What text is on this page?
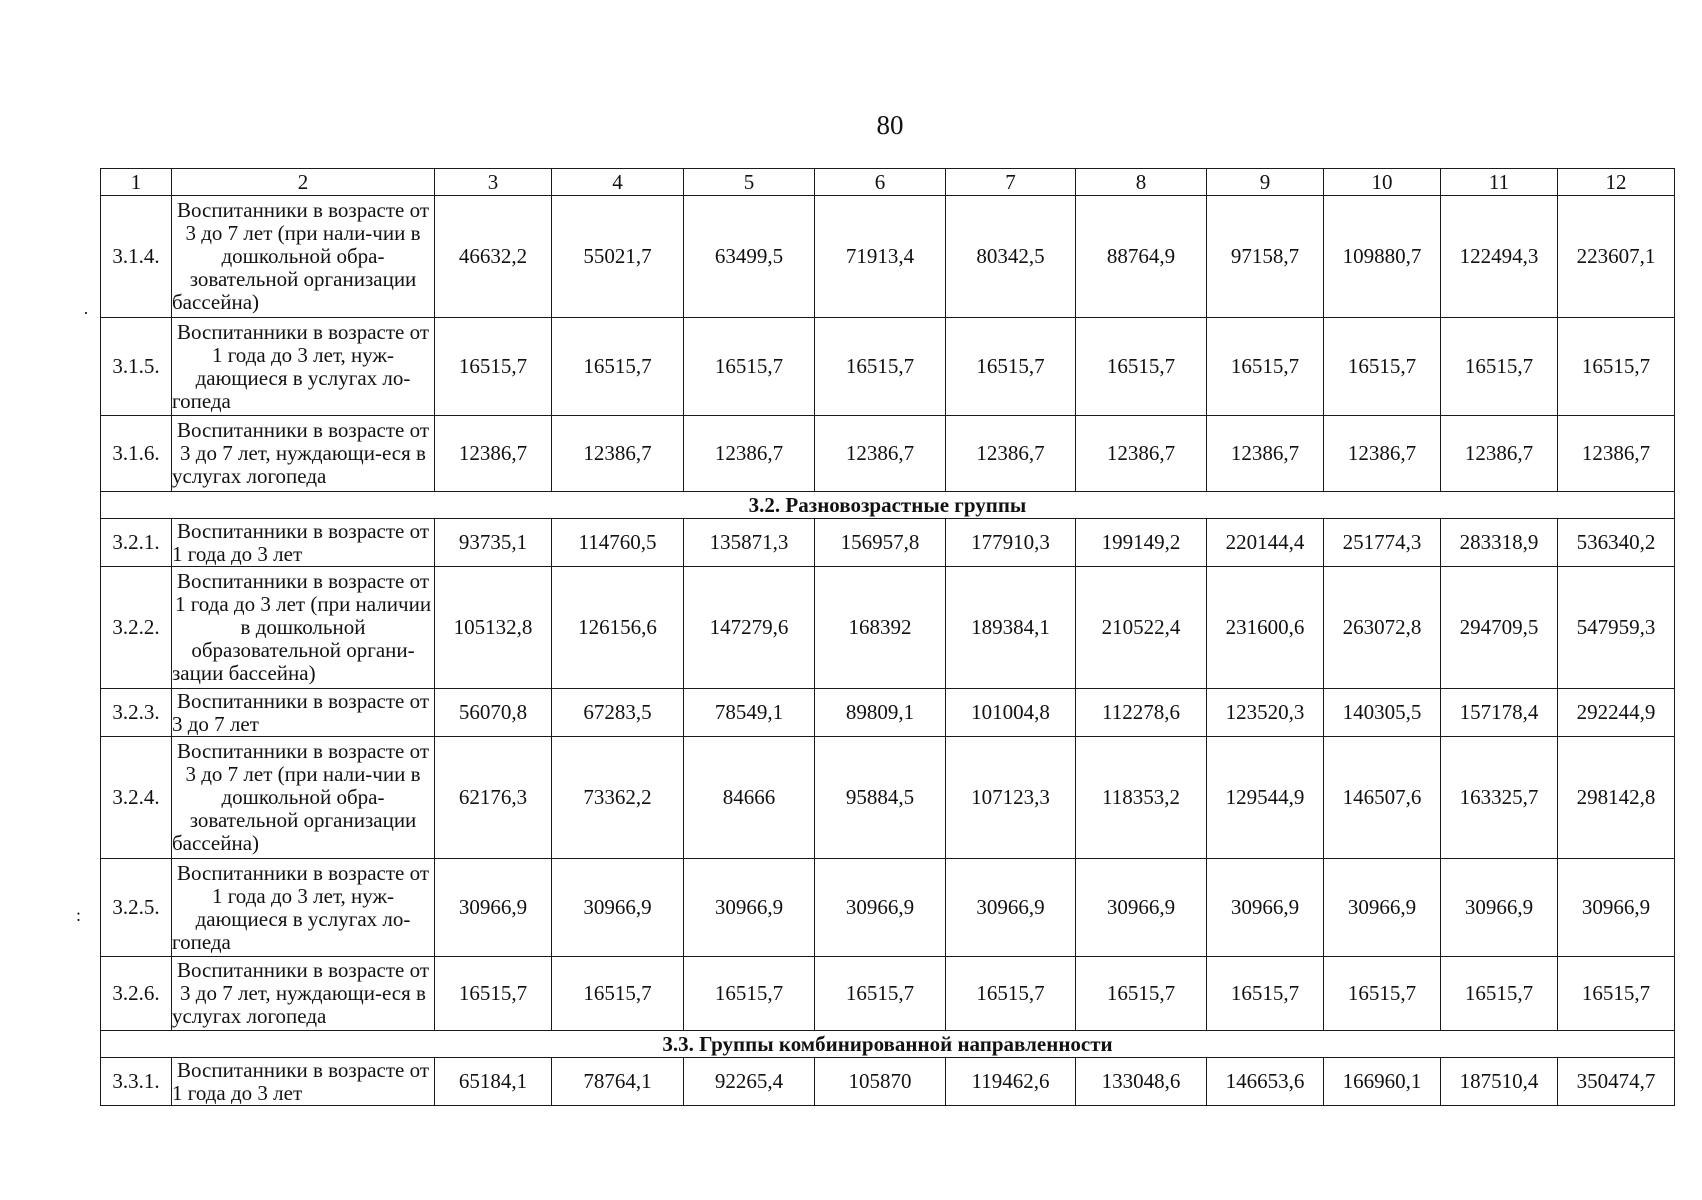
80
1	2	3	4	5	6	7	8	9	10	11	12
3.1.4.	Воспитанники в возрасте от 3 до 7 лет (при нали-чии в дошкольной обра-зовательной организации бассейна)	46632,2	55021,7	63499,5	71913,4	80342,5	88764,9	97158,7	109880,7	122494,3	223607,1
3.1.5.	Воспитанники в возрасте от 1 года до 3 лет, нуж-дающиеся в услугах ло-гопеда	16515,7	16515,7	16515,7	16515,7	16515,7	16515,7	16515,7	16515,7	16515,7	16515,7
3.1.6.	Воспитанники в возрасте от 3 до 7 лет, нуждающи-еся в услугах логопеда	12386,7	12386,7	12386,7	12386,7	12386,7	12386,7	12386,7	12386,7	12386,7	12386,7
3.2. Разновозрастные группы											
3.2.1.	Воспитанники в возрасте от 1 года до 3 лет	93735,1	114760,5	135871,3	156957,8	177910,3	199149,2	220144,4	251774,3	283318,9	536340,2
3.2.2.	Воспитанники в возрасте от 1 года до 3 лет (при наличии в дошкольной образовательной органи-зации бассейна)	105132,8	126156,6	147279,6	168392	189384,1	210522,4	231600,6	263072,8	294709,5	547959,3
3.2.3.	Воспитанники в возрасте от 3 до 7 лет	56070,8	67283,5	78549,1	89809,1	101004,8	112278,6	123520,3	140305,5	157178,4	292244,9
3.2.4.	Воспитанники в возрасте от 3 до 7 лет (при нали-чии в дошкольной обра-зовательной организации бассейна)	62176,3	73362,2	84666	95884,5	107123,3	118353,2	129544,9	146507,6	163325,7	298142,8
3.2.5.	Воспитанники в возрасте от 1 года до 3 лет, нуж-дающиеся в услугах ло-гопеда	30966,9	30966,9	30966,9	30966,9	30966,9	30966,9	30966,9	30966,9	30966,9	30966,9
3.2.6.	Воспитанники в возрасте от 3 до 7 лет, нуждающи-еся в услугах логопеда	16515,7	16515,7	16515,7	16515,7	16515,7	16515,7	16515,7	16515,7	16515,7	16515,7
3.3. Группы комбинированной направленности											
3.3.1.	Воспитанники в возрасте от 1 года до 3 лет	65184,1	78764,1	92265,4	105870	119462,6	133048,6	146653,6	166960,1	187510,4	350474,7
·
:
